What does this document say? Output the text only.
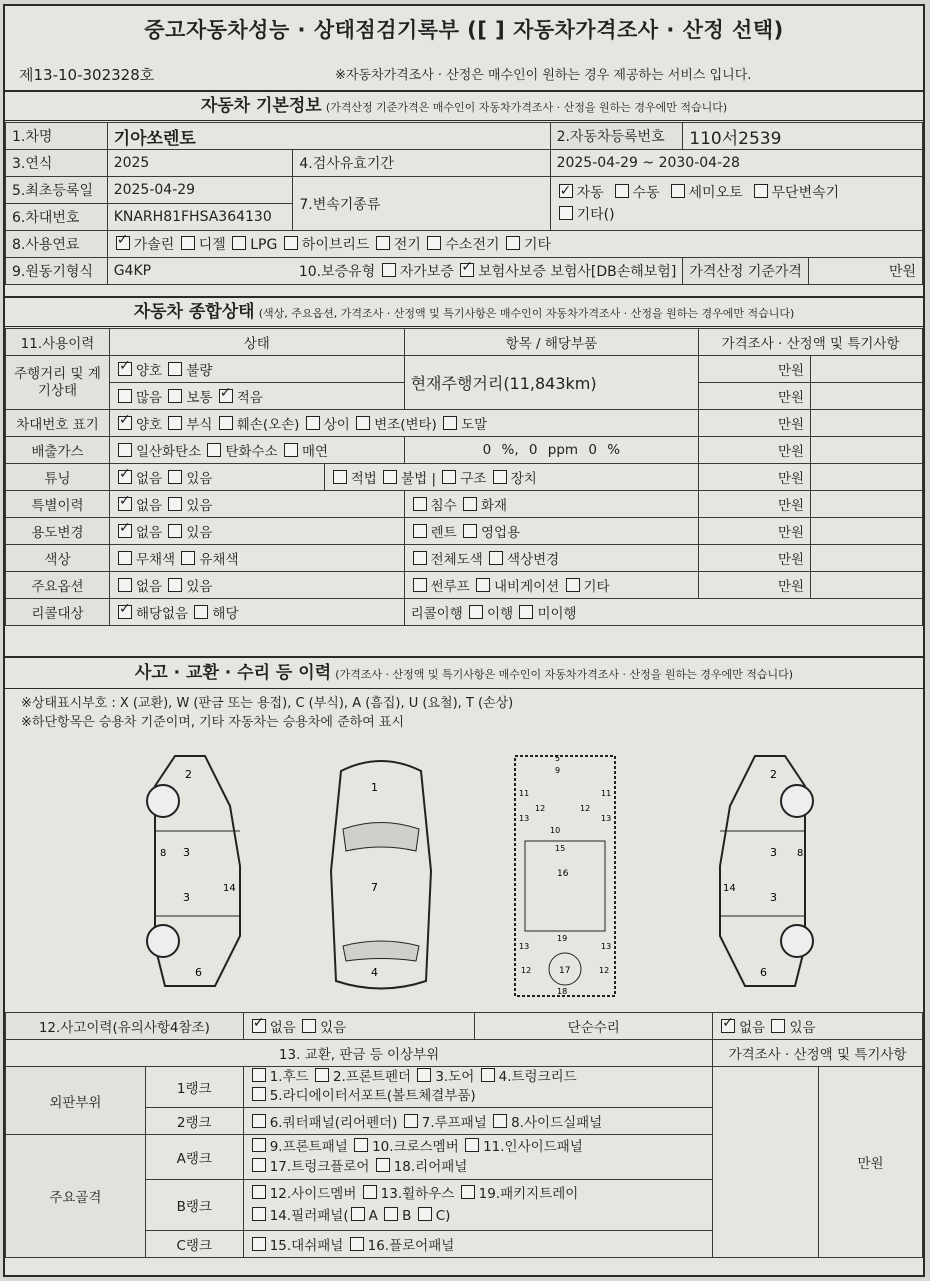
중고자동차성능 · 상태점검기록부 ([ ] 자동차가격조사 · 산정 선택)
제13-10-302328호	※자동차가격조사 · 산정은 매수인이 원하는 경우 제공하는 서비스 입니다.
자동차 기본정보 (가격산정 기준가격은 매수인이 자동차가격조사 · 산정을 원하는 경우에만 적습니다)
1.차명	기아쏘렌토		2.자동차등록번호	110서2539	
3.연식	2025	4.검사유효기간	2025-04-29 ~ 2030-04-28		
5.최초등록일	2025-04-29	7.변속기종류	✓자동 수동 세미오토 무단변속기
기타()
6.차대번호	KNARH81FHSA364130				
8.사용연료	✓가솔린 디젤 LPG 하이브리드 전기 수소전기 기타
9.원동기형식	G4KP	10.보증유형 자가보증 ✓ 보험사보증 보험사[DB손해보험]		가격산정 기준가격	만원
자동차 종합상태 (색상, 주요옵션, 가격조사 · 산정액 및 특기사항은 매수인이 자동차가격조사 · 산정을 원하는 경우에만 적습니다)
11.사용이력	상태		항목 / 해당부품	가격조사 · 산정액 및 특기사항	
주행거리 및 계기상태	✓양호 불량		현재주행거리(11,843km)	만원	
	많음 보통 ✓ 적음			만원	
차대번호 표기	✓양호 부식 훼손(오손) 상이 변조(변타) 도말			만원	
배출가스	일산화탄소 탄화수소 매연		0 %, 0 ppm 0 %	만원	
튜닝	✓없음 있음	적법 불법 | 구조 장치		만원	
특별이력	✓없음 있음		침수 화재	만원	
용도변경	✓없음 있음		렌트 영업용	만원	
색상	무채색 유채색		전체도색 색상변경	만원	
주요옵션	없음 있음		썬루프 내비게이션 기타	만원	
리콜대상	✓해당없음 해당		리콜이행 이행 미이행		
사고 · 교환 · 수리 등 이력 (가격조사 · 산정액 및 특기사항은 매수인이 자동차가격조사 · 산정을 원하는 경우에만 적습니다)
※상태표시부호 : X (교환), W (판금 또는 용접), C (부식), A (흠집), U (요철), T (손상)
※하단항목은 승용차 기준이며, 기타 자동차는 승용차에 준하여 표시
2
3
3
6
8
14
1
7
4
5
9
10
11	11
12	12
13	13
15
16
19
13	13
12	17	12
18
2
3
3
6
8
14
12.사고이력(유의사항4참조)	✓없음 있음	단순수리	✓없음 있음
13. 교환, 판금 등 이상부위				가격조사 · 산정액 및 특기사항	
외판부위	1랭크	1.후드 2.프론트펜더 3.도어 4.트렁크리드
5.라디에이터서포트(볼트체결부품)			만원
	2랭크	6.쿼터패널(리어펜더) 7.루프패널 8.사이드실패널			
주요골격	A랭크	9.프론트패널 10.크로스멤버 11.인사이드패널
17.트렁크플로어 18.리어패널			
	B랭크	12.사이드멤버 13.휠하우스 19.패키지트레이
14.필러패널( A B C)			
	C랭크	15.대쉬패널 16.플로어패널			
